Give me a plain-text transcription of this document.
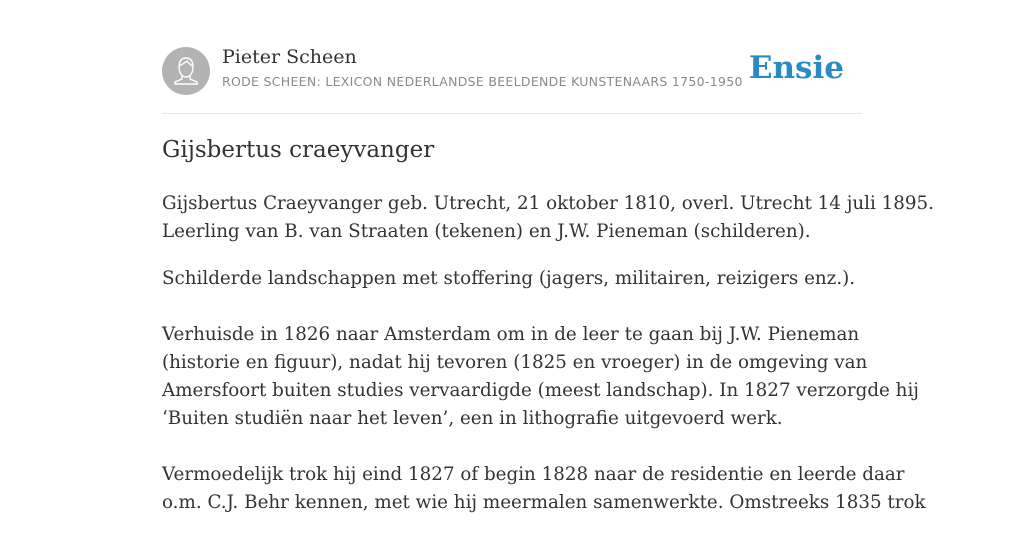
Pieter Scheen
RODE SCHEEN: LEXICON NEDERLANDSE BEELDENDE KUNSTENAARS 1750-1950 Ensie
Gijsbertus craeyvanger

Gijsbertus Craeyvanger geb. Utrecht, 21 oktober 1810, overl. Utrecht 14 juli 1895.
Leerling van B. van Straaten (tekenen) en J.W. Pieneman (schilderen).

Schilderde landschappen met stoffering (jagers, militairen, reizigers enz.).

Verhuisde in 1826 naar Amsterdam om in de leer te gaan bij J.W. Pieneman
(historie en figuur), nadat hij tevoren (1825 en vroeger) in de omgeving van
Amersfoort buiten studies vervaardigde (meest landschap). In 1827 verzorgde hij
‘Buiten studiën naar het leven’, een in lithografie uitgevoerd werk.

Vermoedelijk trok hij eind 1827 of begin 1828 naar de residentie en leerde daar
o.m. C.J. Behr kennen, met wie hij meermalen samenwerkte. Omstreeks 1835 trok
